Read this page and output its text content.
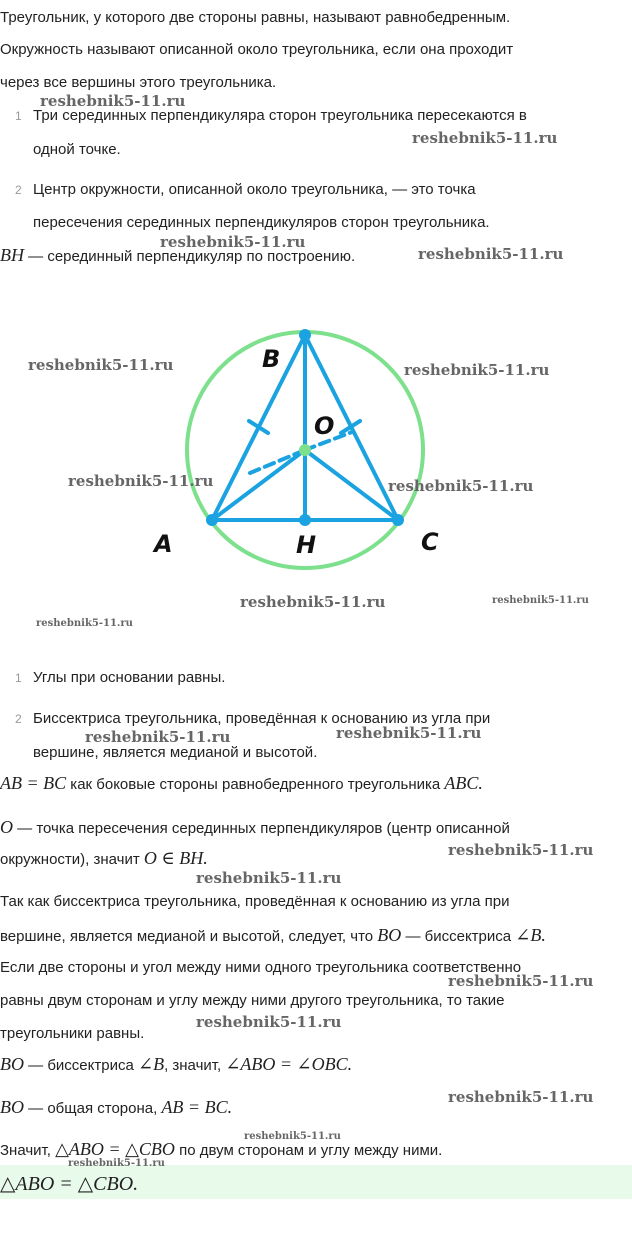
Треугольник, у которого две стороны равны, называют равнобедренным.
Окружность называют описанной около треугольника, если она проходит
через все вершины этого треугольника.
1 Три серединных перпендикуляра сторон треугольника пересекаются в
одной точке.
2 Центр окружности, описанной около треугольника, — это точка
пересечения серединных перпендикуляров сторон треугольника.
BH — серединный перпендикуляр по построению.
B
O
A	H	C
1 Углы при основании равны.
2 Биссектриса треугольника, проведённая к основанию из угла при
вершине, является медианой и высотой.
AB = BC как боковые стороны равнобедренного треугольника ABC.
O — точка пересечения серединных перпендикуляров (центр описанной
окружности), значит O ∈ BH.
Так как биссектриса треугольника, проведённая к основанию из угла при
вершине, является медианой и высотой, следует, что BO — биссектриса ∠B.
Если две стороны и угол между ними одного треугольника соответственно
равны двум сторонам и углу между ними другого треугольника, то такие
треугольники равны.
BO — биссектриса ∠B, значит, ∠ABO = ∠OBC.
BO — общая сторона, AB = BC.
Значит, △ABO = △CBO по двум сторонам и углу между ними.
△ABO = △CBO.
reshebnik5-11.ru
reshebnik5-11.ru
reshebnik5-11.ru
reshebnik5-11.ru
reshebnik5-11.ru	reshebnik5-11.ru
reshebnik5-11.ru	reshebnik5-11.ru
reshebnik5-11.ru	reshebnik5-11.ru
reshebnik5-11.ru
reshebnik5-11.ru	reshebnik5-11.ru
reshebnik5-11.ru
reshebnik5-11.ru
reshebnik5-11.ru
reshebnik5-11.ru
reshebnik5-11.ru
reshebnik5-11.ru
reshebnik5-11.ru
